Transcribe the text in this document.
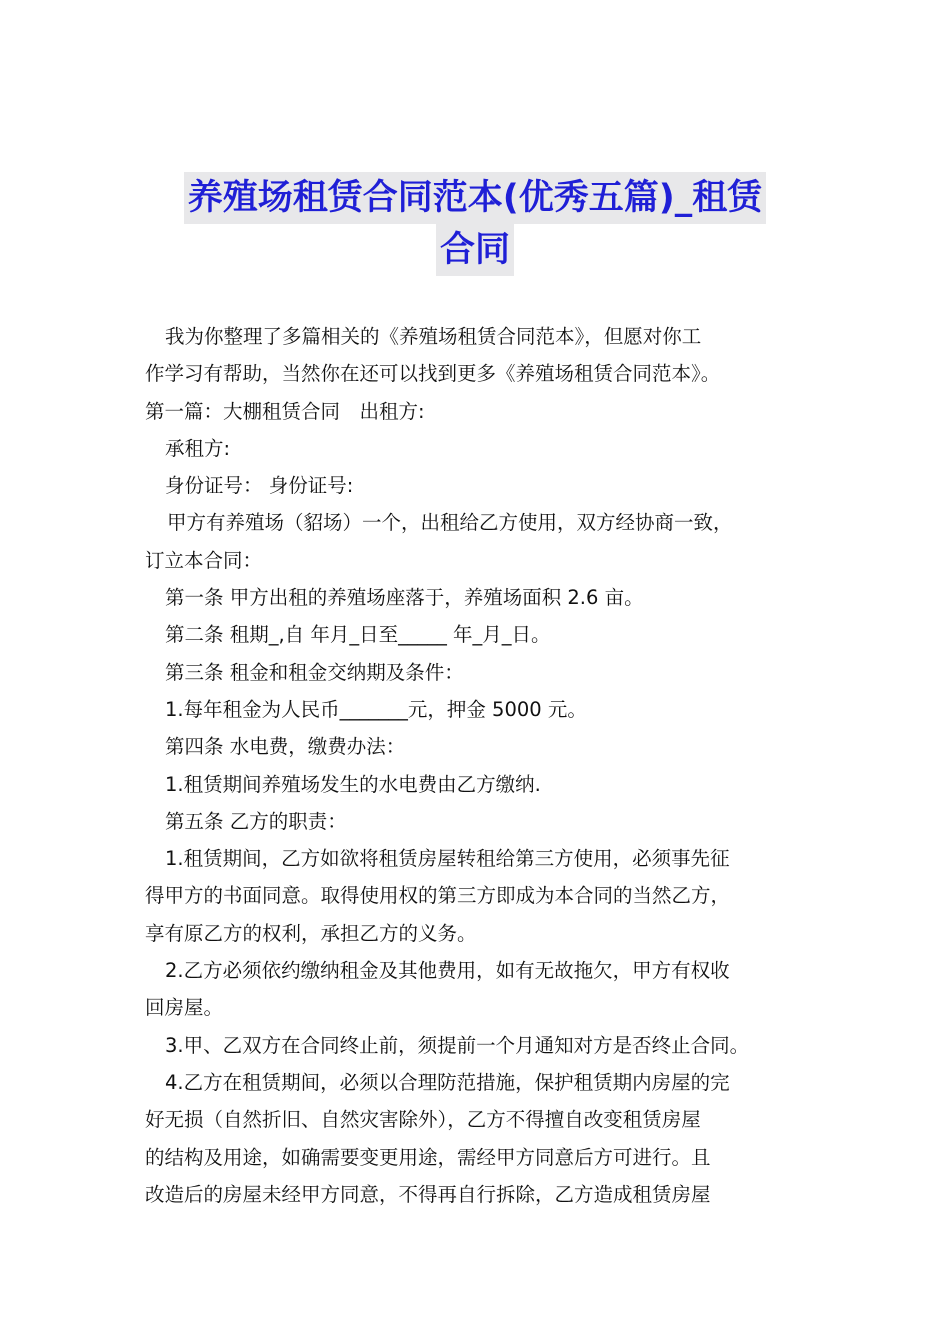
养殖场租赁合同范本(优秀五篇)_租赁
合同
我为你整理了多篇相关的《养殖场租赁合同范本》，但愿对你工
作学习有帮助，当然你在还可以找到更多《养殖场租赁合同范本》。
第一篇：大棚租赁合同　出租方:
承租方:
身份证号： 身份证号:
甲方有养殖场（貂场）一个，出租给乙方使用，双方经协商一致，
订立本合同：
第一条 甲方出租的养殖场座落于，养殖场面积 2.6 亩。
第二条 租期_,自 年月_日至_____ 年_月_日。
第三条 租金和租金交纳期及条件：
1.每年租金为人民币_______元，押金 5000 元。
第四条 水电费，缴费办法：
1.租赁期间养殖场发生的水电费由乙方缴纳.
第五条 乙方的职责：
1.租赁期间，乙方如欲将租赁房屋转租给第三方使用，必须事先征
得甲方的书面同意。取得使用权的第三方即成为本合同的当然乙方，
享有原乙方的权利，承担乙方的义务。
2.乙方必须依约缴纳租金及其他费用，如有无故拖欠，甲方有权收
回房屋。
3.甲、乙双方在合同终止前，须提前一个月通知对方是否终止合同。
4.乙方在租赁期间，必须以合理防范措施，保护租赁期内房屋的完
好无损（自然折旧、自然灾害除外），乙方不得擅自改变租赁房屋
的结构及用途，如确需要变更用途，需经甲方同意后方可进行。且
改造后的房屋未经甲方同意，不得再自行拆除，乙方造成租赁房屋
